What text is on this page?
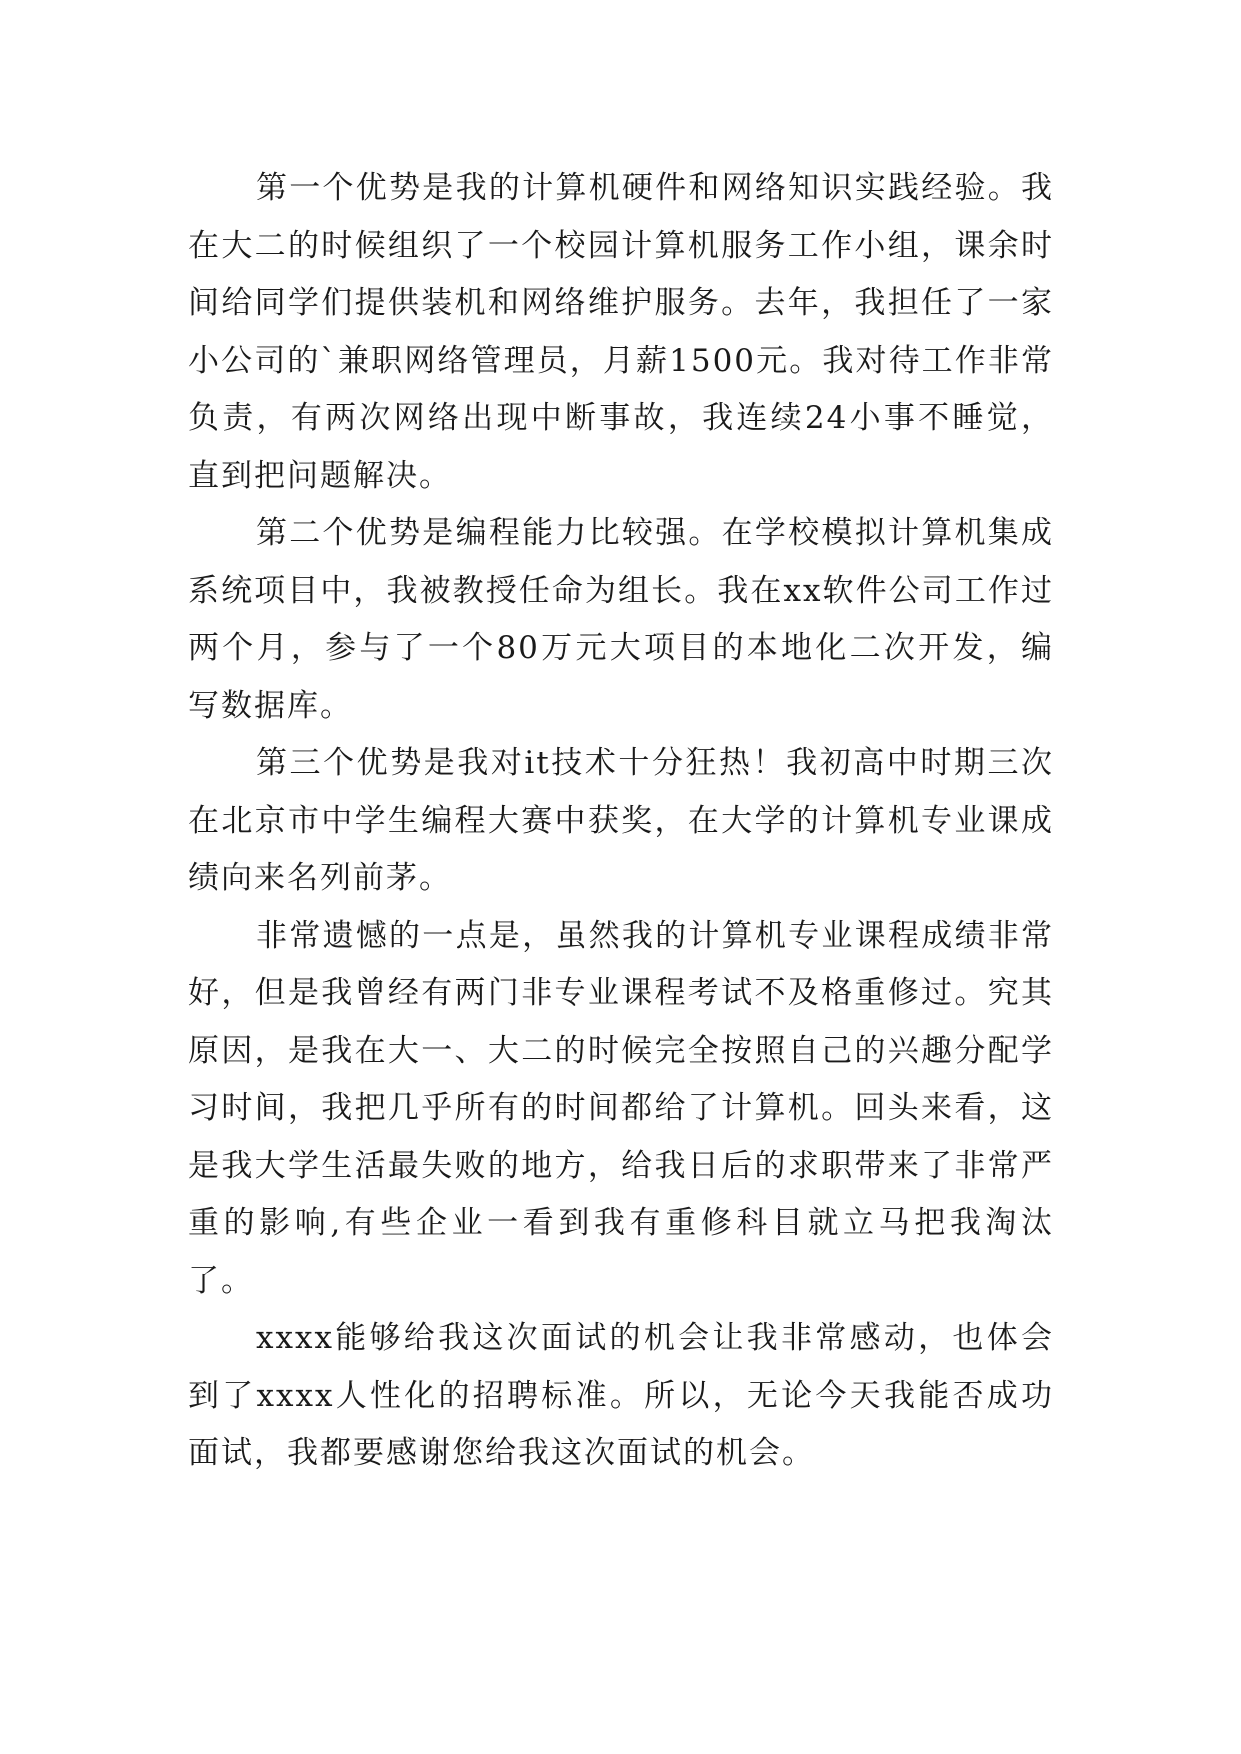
第一个优势是我的计算机硬件和网络知识实践经验。我在大二的时候组织了一个校园计算机服务工作小组，课余时间给同学们提供装机和网络维护服务。去年，我担任了一家小公司的`兼职网络管理员，月薪1500元。我对待工作非常负责，有两次网络出现中断事故，我连续24小事不睡觉，直到把问题解决。

第二个优势是编程能力比较强。在学校模拟计算机集成系统项目中，我被教授任命为组长。我在xx软件公司工作过两个月，参与了一个80万元大项目的本地化二次开发，编写数据库。

第三个优势是我对it技术十分狂热！我初高中时期三次在北京市中学生编程大赛中获奖，在大学的计算机专业课成绩向来名列前茅。

非常遗憾的一点是，虽然我的计算机专业课程成绩非常好，但是我曾经有两门非专业课程考试不及格重修过。究其原因，是我在大一、大二的时候完全按照自己的兴趣分配学习时间，我把几乎所有的时间都给了计算机。回头来看，这是我大学生活最失败的地方，给我日后的求职带来了非常严重的影响,有些企业一看到我有重修科目就立马把我淘汰了。

xxxx能够给我这次面试的机会让我非常感动，也体会到了xxxx人性化的招聘标准。所以，无论今天我能否成功面试，我都要感谢您给我这次面试的机会。
